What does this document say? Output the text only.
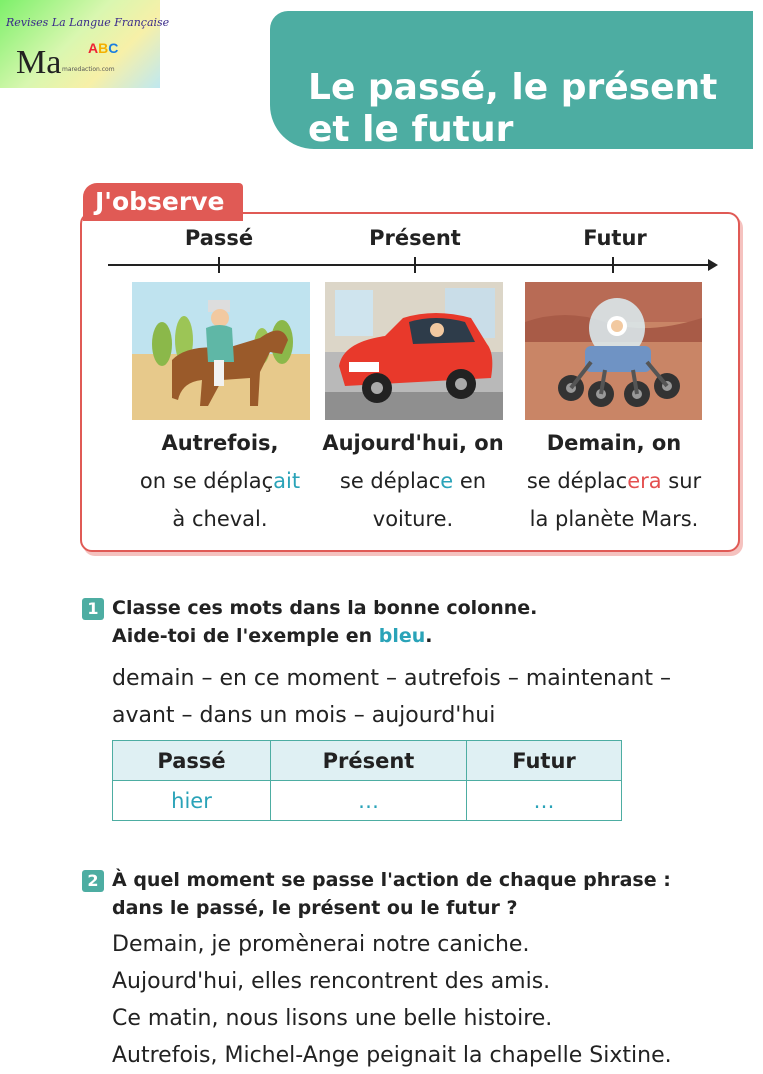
Revises La Langue Française
Ma ABC
maredaction.com	Le passé, le présent
et le futur
J'observe
Passé	Présent	Futur
Autrefois,
on se déplaçait
à cheval.
Aujourd'hui, on
se déplace en
voiture.
Demain, on
se déplacera sur
la planète Mars.
1 Classe ces mots dans la bonne colonne.
Aide-toi de l'exemple en bleu.
demain – en ce moment – autrefois – maintenant –
avant – dans un mois – aujourd'hui
Passé	Présent	Futur
hier	…	…
2 À quel moment se passe l'action de chaque phrase :
dans le passé, le présent ou le futur ?
Demain, je promènerai notre caniche.
Aujourd'hui, elles rencontrent des amis.
Ce matin, nous lisons une belle histoire.
Autrefois, Michel-Ange peignait la chapelle Sixtine.
